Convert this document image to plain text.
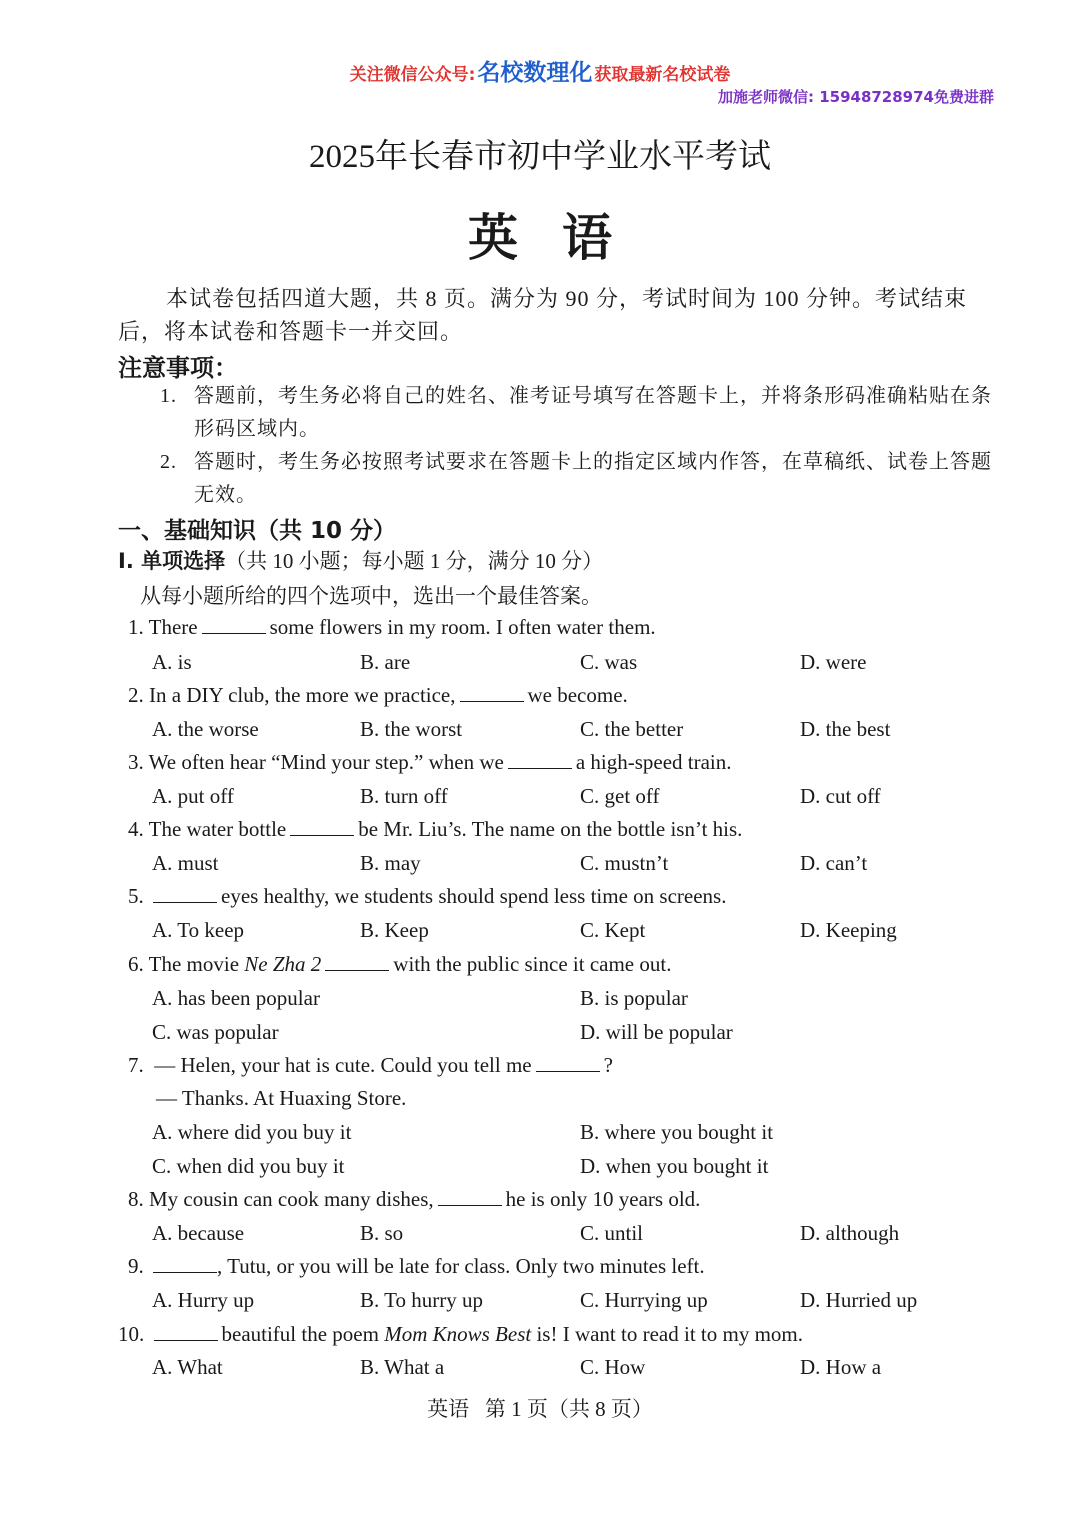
关注微信公众号:名校数理化 获取最新名校试卷
加施老师微信: 15948728974免费进群
2025年长春市初中学业水平考试
英语
本试卷包括四道大题，共 8 页。满分为 90 分，考试时间为 100 分钟。考试结束后，将本试卷和答题卡一并交回。
注意事项：
1. 答题前，考生务必将自己的姓名、准考证号填写在答题卡上，并将条形码准确粘贴在条形码区域内。
2. 答题时，考生务必按照考试要求在答题卡上的指定区域内作答，在草稿纸、试卷上答题无效。
一、基础知识（共 10 分）
I. 单项选择（共 10 小题；每小题 1 分，满分 10 分）
从每小题所给的四个选项中，选出一个最佳答案。
1. There	some flowers in my room. I often water them.
A. is	B. are	C. was	D. were
2. In a DIY club, the more we practice,	we become.
A. the worse	B. the worst	C. the better	D. the best
3. We often hear “Mind your step.” when we	a high-speed train.
A. put off	B. turn off	C. get off	D. cut off
4. The water bottle	be Mr. Liu’s. The name on the bottle isn’t his.
A. must	B. may	C. mustn’t	D. can’t
5.	eyes healthy, we students should spend less time on screens.
A. To keep	B. Keep	C. Kept	D. Keeping
6. The movie Ne Zha 2	with the public since it came out.
A. has been popular	B. is popular
C. was popular	D. will be popular
7. — Helen, your hat is cute. Could you tell me	?
— Thanks. At Huaxing Store.
A. where did you buy it	B. where you bought it
C. when did you buy it	D. when you bought it
8. My cousin can cook many dishes,	he is only 10 years old.
A. because	B. so	C. until	D. although
9.	, Tutu, or you will be late for class. Only two minutes left.
A. Hurry up	B. To hurry up	C. Hurrying up	D. Hurried up
10.	beautiful the poem Mom Knows Best is! I want to read it to my mom.
A. What	B. What a	C. How	D. How a
英语 第 1 页（共 8 页）
